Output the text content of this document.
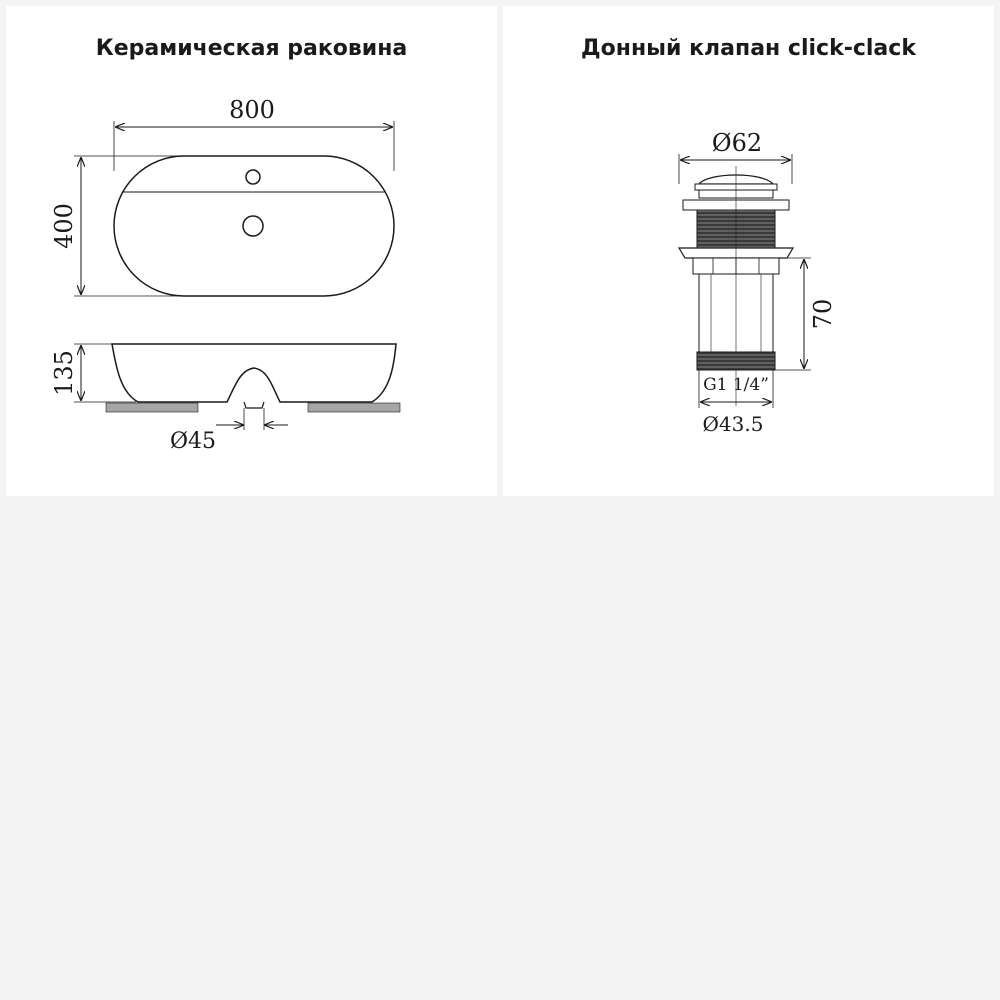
Керамическая раковина
800
400
135
Ø45
Донный клапан click-clack
Ø62
70
G1 1/4”
Ø43.5
